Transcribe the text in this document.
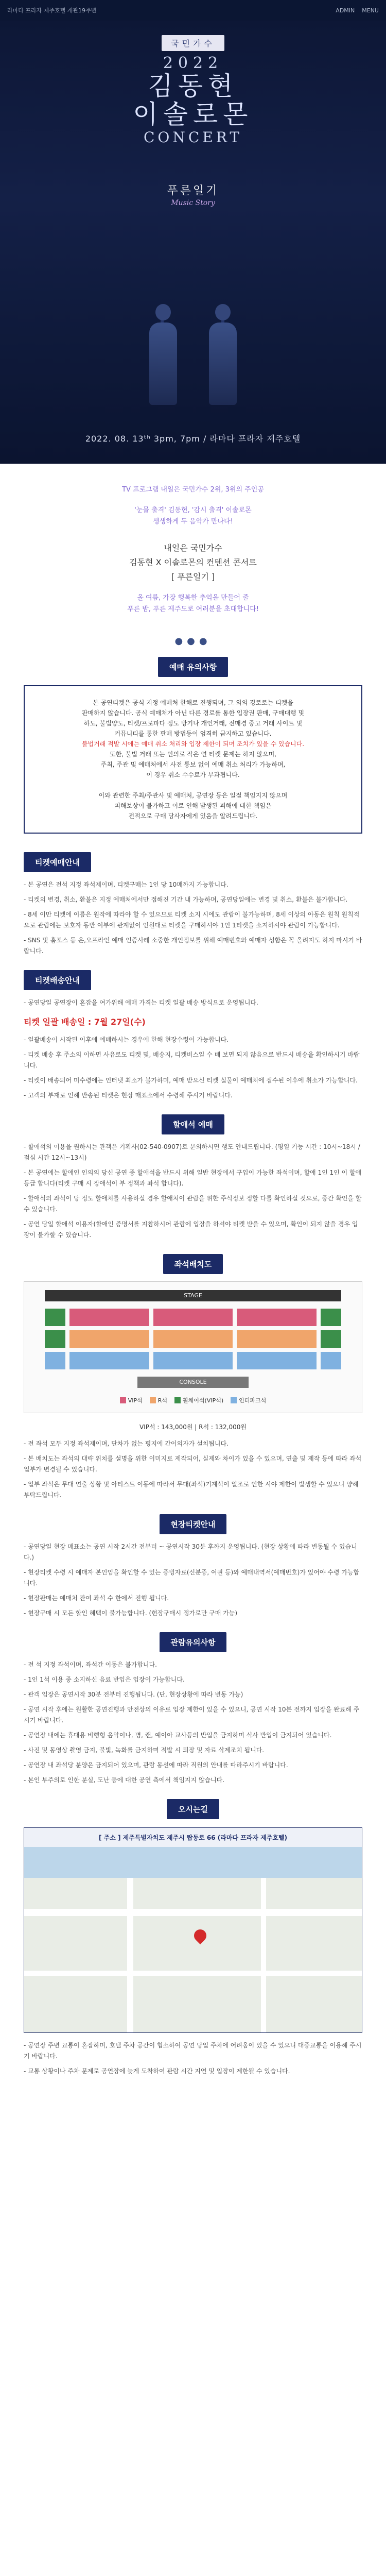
라마다 프라자 제주호텔 개관19주년	ADMIN MENU
국민가수
2022
김동현
이솔로몬
CONCERT
푸른일기
Music Story
2022. 08. 13ᵗʰ 3pm, 7pm / 라마다 프라자 제주호텔
TV 프로그램 내일은 국민가수 2위, 3위의 주인공
'눈물 출격' 김동현, '감시 출격' 이솔로몬
생생하게 두 음악가 만나다!
내일은 국민가수
김동현 X 이솔로몬의 컨텐션 콘서트
[ 푸른일기 ]
올 여름, 가장 행복한 추억을 만들어 줄
푸른 밤, 푸른 제주도로 여러분을 초대합니다!
●●●
예매 유의사항
본 공연티켓은 공식 지정 예매처 한해로 진행되며, 그 외의 경로로는 티켓을
판매하지 않습니다. 공식 예매처가 아닌 다른 경로를 통한 입장권 판매, 구매대행 및
하도, 불법양도, 티켓/프로파다 정도 방기나 개인거래, 전매경 중고 거래 사이트 및
커뮤니티를 통한 판매 방법등이 엄격히 금지하고 있습니다.
불법거래 적발 시에는 예매 취소 처리와 입장 제한이 되며 조치가 있을 수 있습니다.
또한, 불법 거래 또는 인의로 작은 연 티켓 문제는 하지 않으며,
주최, 주관 및 예매처에서 사전 통보 없이 예매 취소 처리가 가능하며,
이 경우 취소 수수료가 부과됩니다.

이와 관련한 주최/주관사 및 예매처, 공연장 등은 일절 책임지지 않으며
피해보상이 불가하고 이로 인해 발생된 피해에 대한 책임은
전적으로 구매 당사자에게 있음을 알려드립니다.
티켓예매안내
- 본 공연은 전석 지정 좌석제이며, 티켓구매는 1인 당 10매까지 가능합니다.
- 티켓의 변경, 취소, 환불은 지정 예매처에서만 접해진 기간 내 가능하며, 공연당일에는 변경 및 취소, 환불은 불가합니다.
- 8세 이만 티켓에 이름은 원작에 따라야 할 수 있으므로 티켓 소지 시에도 관람이 불가능하며, 8세 이상의 아동은 원칙 원칙적으로 관람에는 보호자 동반 여부에 관계없이 인원대로 티켓을 구매하셔야 1인 1티켓을 소지하셔야 관람이 가능합니다.
- SNS 및 홈포스 등 온,오프라인 예매 인증사례 소중한 개인정보를 위해 예매번호와 예매자 성함은 꼭 올려지도 하지 마시기 바랍니다.
티켓배송안내
- 공연당일 공연장이 혼잡을 여가위해 예매 가격는 티켓 일괄 배송 방식으로 운영됩니다.
티켓 일괄 배송일 : 7월 27일(수)
- 일괄배송이 시작된 이후에 예매하시는 경우에 한해 현장수령이 가능합니다.
- 티켓 배송 후 주소의 이하면 사유로도 티켓 및, 배송지, 티켓비스일 수 배 보면 되지 않음으로 반드시 배송을 확인하시기 바랍니다.
- 티켓이 배송되어 미수령에는 인터넷 최소가 불가하며, 예매 받으신 티켓 실물이 예매처에 접수된 이후에 취소가 가능합니다.
- 고객의 부재로 인해 반송된 티켓은 현장 매표소에서 수령해 주시기 바랍니다.
할애석 예매
- 할애석의 이용을 원하시는 관객은 기획사(02-540-0907)로 문의하시면 행도 안내드립니다. (평일 기능 시간 : 10시~18시 / 점심 시간 12시~13시)
- 본 공연에는 할애인 인의의 당신 공연 중 할애석을 반드시 위해 일반 현장에서 구입이 가능한 좌석이며, 할애 1인 1인 이 할애 등급 합니다(티켓 구매 시 장애석이 부 정책과 좌석 합니다).
- 할애석의 좌석이 당 정도 할애처를 사용하실 경우 할애처이 관람을 위한 주식정보 정할 다를 확인하실 것으로, 중간 확인을 할 수 있습니다.
- 공연 당일 할애석 이용자(할애인 증명서를 지참하시어 관람에 입장을 하셔야 티켓 받을 수 있으며, 확인이 되지 않을 경우 입장이 불가할 수 있습니다.
좌석배치도
STAGE
CONSOLE
VIP석	R석	휠체어석(VIP석)	인터파크석
VIP석 : 143,000원 | R석 : 132,000원
- 전 좌석 모두 지정 좌석제이며, 단차가 없는 평지에 간이의자가 설치됩니다.
- 본 배치도는 좌석의 대략 위치를 설명을 위한 이미지로 제작되어, 실제와 차이가 있을 수 있으며, 연출 및 제작 등에 따라 좌석 일부가 변경될 수 있습니다.
- 일부 좌석은 무대 연출 상황 및 아티스트 이동에 따라서 무대(좌석)기계석이 일조로 인한 시야 제한이 발생할 수 있으니 양해 부탁드립니다.
현장티켓안내
- 공연당일 현장 매표소는 공연 시작 2시간 전부터 ~ 공연시작 30분 후까지 운영됩니다. (현장 상황에 따라 변동될 수 있습니다.)
- 현장티켓 수령 시 예매자 본인임을 확인할 수 있는 증빙자료(신분증, 여권 등)와 예매내역서(예매번호)가 있어야 수령 가능합니다.
- 현장판매는 예매처 잔여 좌석 수 한에서 진행 됩니다.
- 현장구매 시 모든 할인 혜택이 불가능합니다. (현장구매시 정가로만 구매 가능)
관람유의사항
- 전 석 지정 좌석이며, 좌석간 이동은 불가합니다.
- 1인 1석 이용 중 소지하신 음료 반입은 입장이 가능합니다.
- 관객 입장은 공연시작 30분 전부터 진행됩니다. (단, 현장상황에 따라 변동 가능)
- 공연 시작 후에는 원활한 공연진행과 안전상의 이유로 입장 제한이 있을 수 있으니, 공연 시작 10분 전까지 입장을 완료해 주시기 바랍니다.
- 공연장 내에는 휴대용 비행형 음악이나, 병, 캔, 예이아 교사등의 반입을 금지하며 식사 반입이 금지되어 있습니다.
- 사진 및 동영상 촬영 금지, 불빛, 녹화를 금지하며 적발 시 퇴장 및 자료 삭제조치 됩니다.
- 공연장 내 좌석당 분양은 금지되어 있으며, 관람 동선에 따라 직원의 안내를 따라주시기 바랍니다.
- 본인 부주의로 인한 분실, 도난 등에 대한 공연 측에서 책임지지 않습니다.
오시는길
[ 주소 ] 제주특별자치도 제주시 탑동로 66 (라마다 프라자 제주호텔)
- 공연장 주변 교통이 혼잡하며, 호텔 주차 공간이 협소하여 공연 당일 주차에 어려움이 있을 수 있으니 대중교통을 이용해 주시기 바랍니다.
- 교통 상황이나 주차 문제로 공연장에 늦게 도착하여 관람 시간 지연 및 입장이 제한될 수 있습니다.
